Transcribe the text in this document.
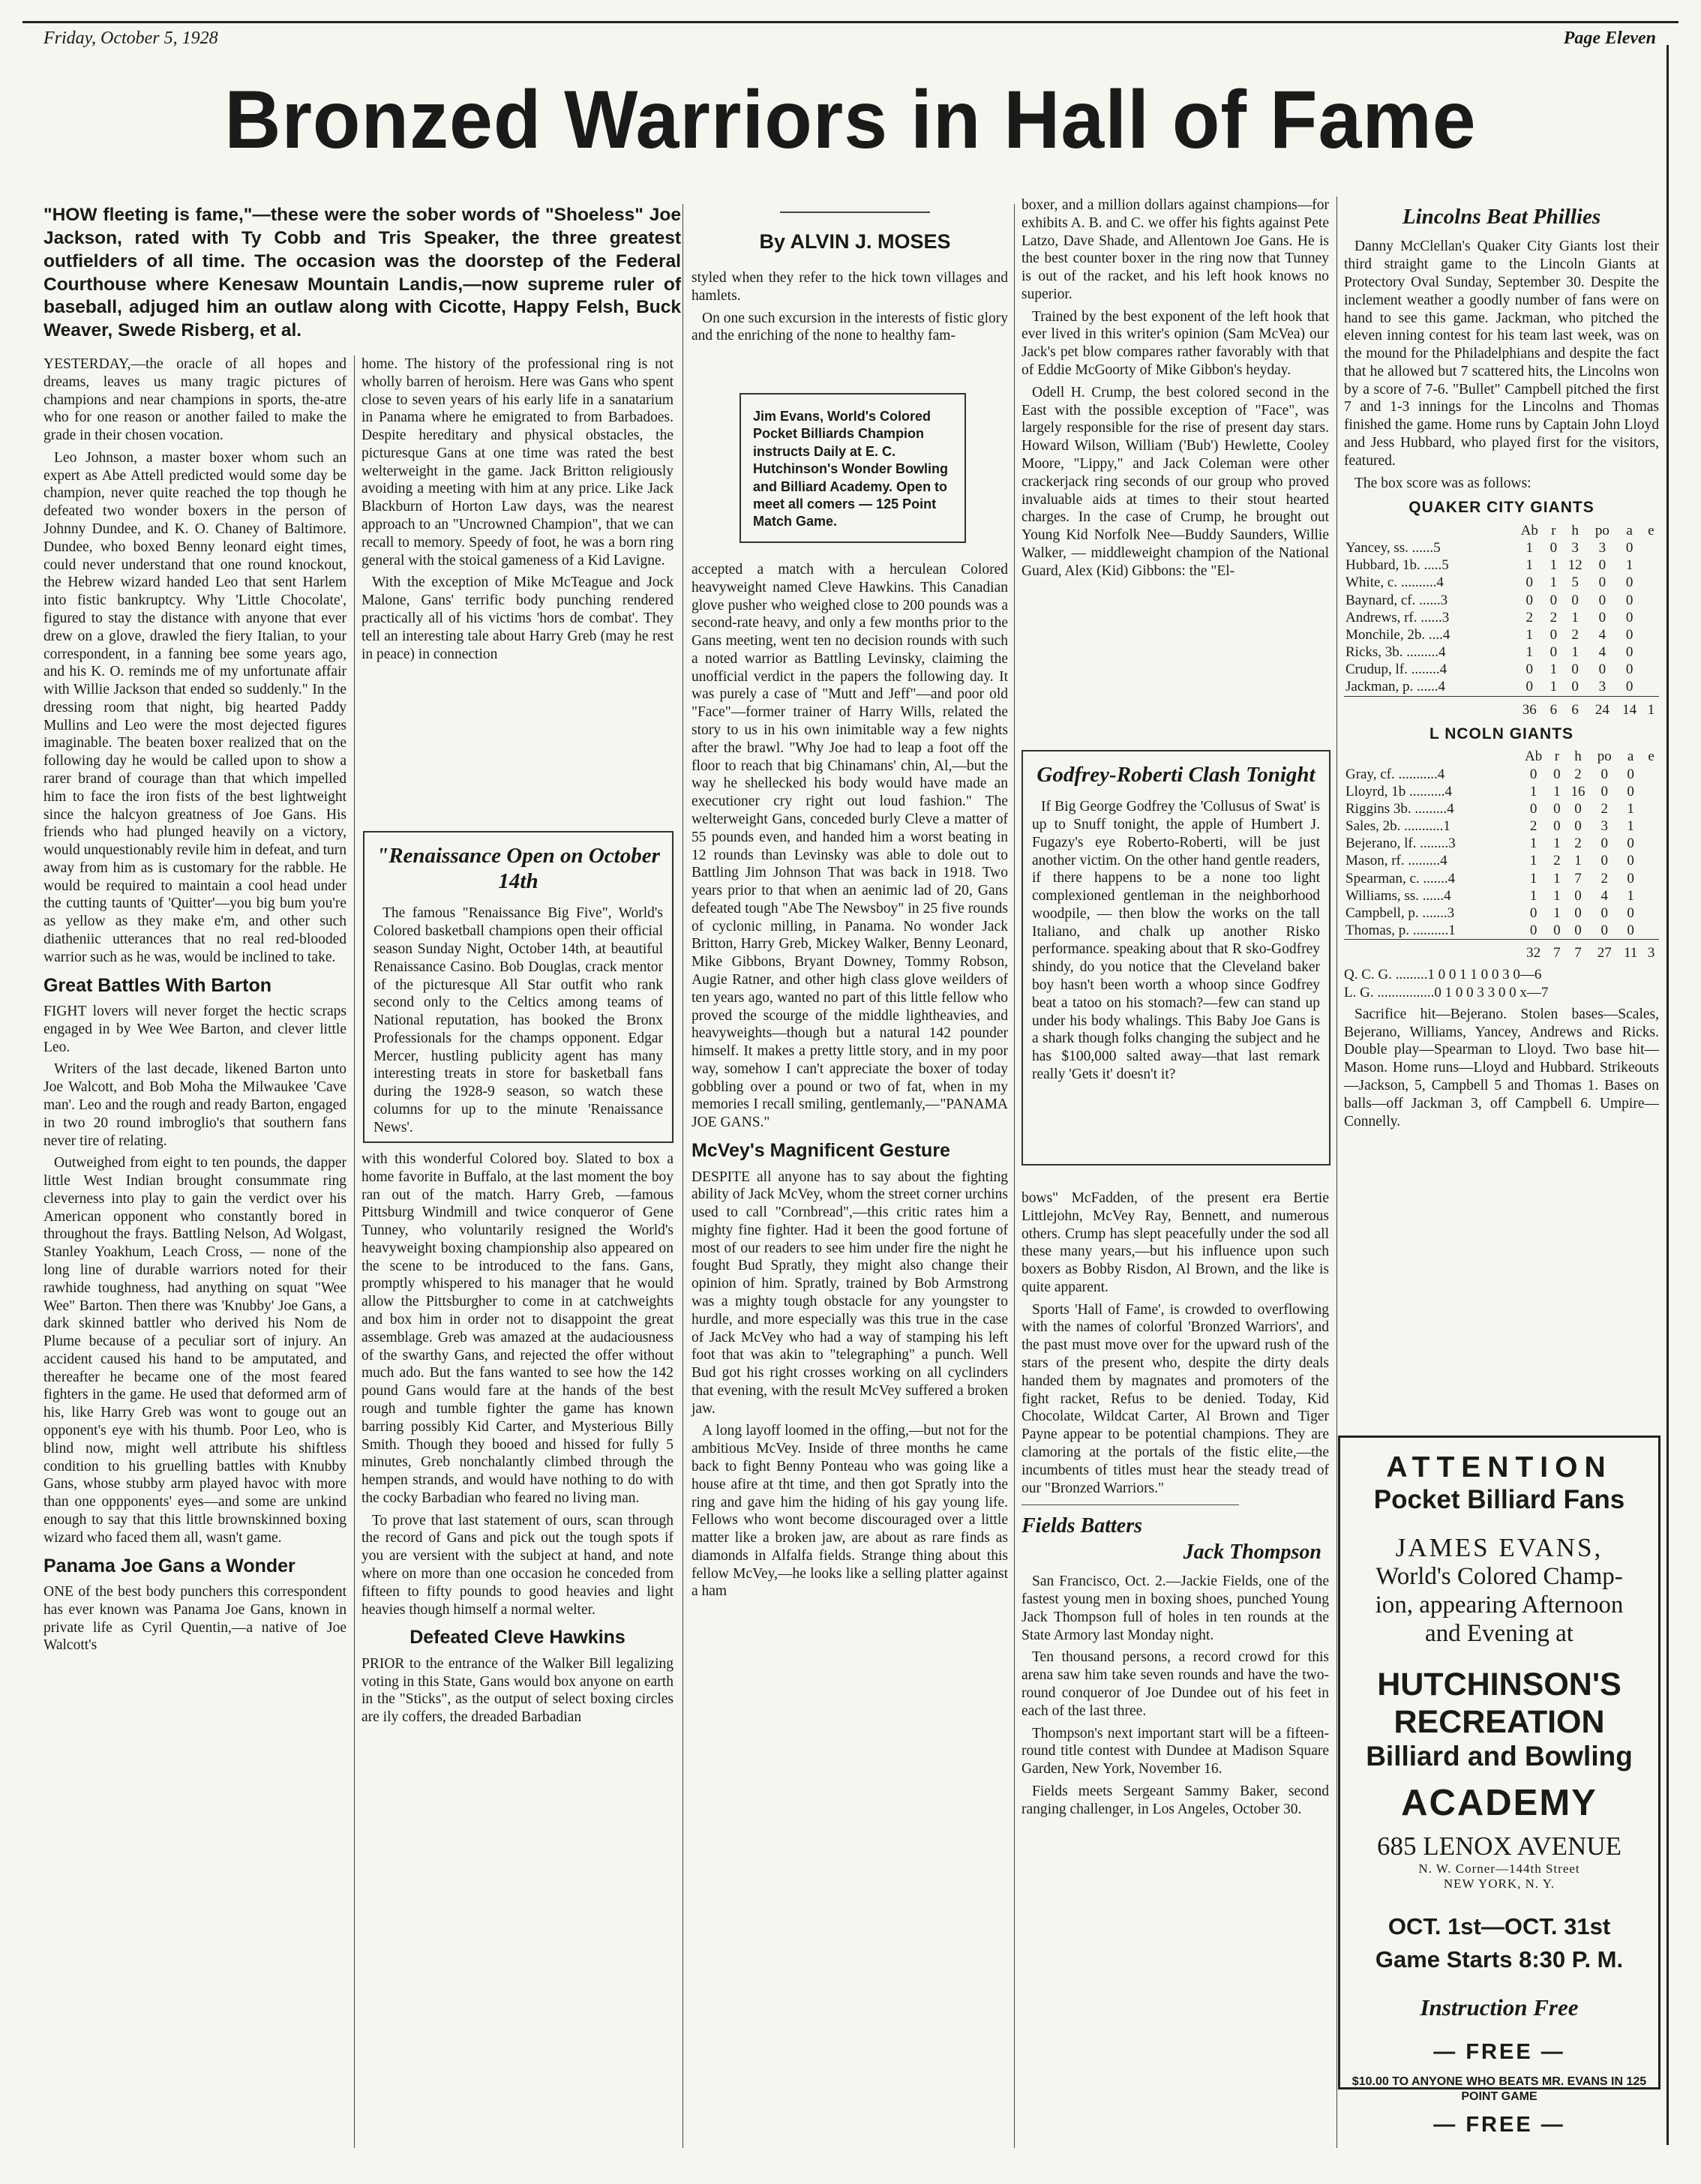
Friday, October 5, 1928	Page Eleven
Bronzed Warriors in Hall of Fame
"HOW fleeting is fame,"—these were the sober words of "Shoeless" Joe Jackson, rated with Ty Cobb and Tris Speaker, the three greatest outfielders of all time. The occasion was the doorstep of the Federal Courthouse where Kenesaw Mountain Landis,—now supreme ruler of baseball, adjuged him an outlaw along with Cicotte, Happy Felsh, Buck Weaver, Swede Risberg, et al.

YESTERDAY,—the oracle of all hopes and dreams, leaves us many tragic pictures of champions and near champions in sports, the-atre who for one reason or another failed to make the grade in their chosen vocation.

Leo Johnson, a master boxer whom such an expert as Abe Attell predicted would some day be champion, never quite reached the top though he defeated two wonder boxers in the person of Johnny Dundee, and K. O. Chaney of Baltimore. Dundee, who boxed Benny leonard eight times, could never understand that one round knockout, the Hebrew wizard handed Leo that sent Harlem into fistic bankruptcy. Why 'Little Chocolate', figured to stay the distance with anyone that ever drew on a glove, drawled the fiery Italian, to your correspondent, in a fanning bee some years ago, and his K. O. reminds me of my unfortunate affair with Willie Jackson that ended so suddenly." In the dressing room that night, big hearted Paddy Mullins and Leo were the most dejected figures imaginable. The beaten boxer realized that on the following day he would be called upon to show a rarer brand of courage than that which impelled him to face the iron fists of the best lightweight since the halcyon greatness of Joe Gans. His friends who had plunged heavily on a victory, would unquestionably revile him in defeat, and turn away from him as is customary for the rabble. He would be required to maintain a cool head under the cutting taunts of 'Quitter'—you big bum you're as yellow as they make e'm, and other such diatheniic utterances that no real red-blooded warrior such as he was, would be inclined to take.

Great Battles With Barton

FIGHT lovers will never forget the hectic scraps engaged in by Wee Wee Barton, and clever little Leo.

Writers of the last decade, likened Barton unto Joe Walcott, and Bob Moha the Milwaukee 'Cave man'. Leo and the rough and ready Barton, engaged in two 20 round imbroglio's that southern fans never tire of relating.

Outweighed from eight to ten pounds, the dapper little West Indian brought consummate ring cleverness into play to gain the verdict over his American opponent who constantly bored in throughout the frays. Battling Nelson, Ad Wolgast, Stanley Yoakhum, Leach Cross, — none of the long line of durable warriors noted for their rawhide toughness, had anything on squat "Wee Wee" Barton. Then there was 'Knubby' Joe Gans, a dark skinned battler who derived his Nom de Plume because of a peculiar sort of injury. An accident caused his hand to be amputated, and thereafter he became one of the most feared fighters in the game. He used that deformed arm of his, like Harry Greb was wont to gouge out an opponent's eye with his thumb. Poor Leo, who is blind now, might well attribute his shiftless condition to his gruelling battles with Knubby Gans, whose stubby arm played havoc with more than one oppponents' eyes—and some are unkind enough to say that this little brownskinned boxing wizard who faced them all, wasn't game.

Panama Joe Gans a Wonder

ONE of the best body punchers this correspondent has ever known was Panama Joe Gans, known in private life as Cyril Quentin,—a native of Joe Walcott's

home. The history of the professional ring is not wholly barren of heroism. Here was Gans who spent close to seven years of his early life in a sanatarium in Panama where he emigrated to from Barbadoes. Despite hereditary and physical obstacles, the picturesque Gans at one time was rated the best welterweight in the game. Jack Britton religiously avoiding a meeting with him at any price. Like Jack Blackburn of Horton Law days, was the nearest approach to an "Uncrowned Champion", that we can recall to memory. Speedy of foot, he was a born ring general with the stoical gameness of a Kid Lavigne.

With the exception of Mike McTeague and Jock Malone, Gans' terrific body punching rendered practically all of his victims 'hors de combat'. They tell an interesting tale about Harry Greb (may he rest in peace) in connection

"Renaissance Open on October 14th

The famous "Renaissance Big Five", World's Colored basketball champions open their official season Sunday Night, October 14th, at beautiful Renaissance Casino. Bob Douglas, crack mentor of the picturesque All Star outfit who rank second only to the Celtics among teams of National reputation, has booked the Bronx Professionals for the champs opponent. Edgar Mercer, hustling publicity agent has many interesting treats in store for basketball fans during the 1928-9 season, so watch these columns for up to the minute 'Renaissance News'.

with this wonderful Colored boy. Slated to box a home favorite in Buffalo, at the last moment the boy ran out of the match. Harry Greb, —famous Pittsburg Windmill and twice conqueror of Gene Tunney, who voluntarily resigned the World's heavyweight boxing championship also appeared on the scene to be introduced to the fans. Gans, promptly whispered to his manager that he would allow the Pittsburgher to come in at catchweights and box him in order not to disappoint the great assemblage. Greb was amazed at the audaciousness of the swarthy Gans, and rejected the offer without much ado. But the fans wanted to see how the 142 pound Gans would fare at the hands of the best rough and tumble fighter the game has known barring possibly Kid Carter, and Mysterious Billy Smith. Though they booed and hissed for fully 5 minutes, Greb nonchalantly climbed through the hempen strands, and would have nothing to do with the cocky Barbadian who feared no living man.

To prove that last statement of ours, scan through the record of Gans and pick out the tough spots if you are versient with the subject at hand, and note where on more than one occasion he conceded from fifteen to fifty pounds to good heavies and light heavies though himself a normal welter.

Defeated Cleve Hawkins

PRIOR to the entrance of the Walker Bill legalizing voting in this State, Gans would box anyone on earth in the "Sticks", as the output of select boxing circles are ily coffers, the dreaded Barbadian

By ALVIN J. MOSES

styled when they refer to the hick town villages and hamlets.

On one such excursion in the interests of fistic glory and the enriching of the none to healthy fam-

Jim Evans, World's Colored Pocket Billiards Champion instructs Daily at E. C. Hutchinson's Wonder Bowling and Billiard Academy. Open to meet all comers — 125 Point Match Game.

accepted a match with a herculean Colored heavyweight named Cleve Hawkins. This Canadian glove pusher who weighed close to 200 pounds was a second-rate heavy, and only a few months prior to the Gans meeting, went ten no decision rounds with such a noted warrior as Battling Levinsky, claiming the unofficial verdict in the papers the following day. It was purely a case of "Mutt and Jeff"—and poor old "Face"—former trainer of Harry Wills, related the story to us in his own inimitable way a few nights after the brawl. "Why Joe had to leap a foot off the floor to reach that big Chinamans' chin, Al,—but the way he shellecked his body would have made an executioner cry right out loud fashion." The welterweight Gans, conceded burly Cleve a matter of 55 pounds even, and handed him a worst beating in 12 rounds than Levinsky was able to dole out to Battling Jim Johnson That was back in 1918. Two years prior to that when an aenimic lad of 20, Gans defeated tough "Abe The Newsboy" in 25 five rounds of cyclonic milling, in Panama. No wonder Jack Britton, Harry Greb, Mickey Walker, Benny Leonard, Mike Gibbons, Bryant Downey, Tommy Robson, Augie Ratner, and other high class glove weilders of ten years ago, wanted no part of this little fellow who proved the scourge of the middle lightheavies, and heavyweights—though but a natural 142 pounder himself. It makes a pretty little story, and in my poor way, somehow I can't appreciate the boxer of today gobbling over a pound or two of fat, when in my memories I recall smiling, gentlemanly,—"PANAMA JOE GANS."

McVey's Magnificent Gesture

DESPITE all anyone has to say about the fighting ability of Jack McVey, whom the street corner urchins used to call "Cornbread",—this critic rates him a mighty fine fighter. Had it been the good fortune of most of our readers to see him under fire the night he fought Bud Spratly, they might also change their opinion of him. Spratly, trained by Bob Armstrong was a mighty tough obstacle for any youngster to hurdle, and more especially was this true in the case of Jack McVey who had a way of stamping his left foot that was akin to "telegraphing" a punch. Well Bud got his right crosses working on all cyclinders that evening, with the result McVey suffered a broken jaw.

A long layoff loomed in the offing,—but not for the ambitious McVey. Inside of three months he came back to fight Benny Ponteau who was going like a house afire at tht time, and then got Spratly into the ring and gave him the hiding of his gay young life. Fellows who wont become discouraged over a little matter like a broken jaw, are about as rare finds as diamonds in Alfalfa fields. Strange thing about this fellow McVey,—he looks like a selling platter against a ham

boxer, and a million dollars against champions—for exhibits A. B. and C. we offer his fights against Pete Latzo, Dave Shade, and Allentown Joe Gans. He is the best counter boxer in the ring now that Tunney is out of the racket, and his left hook knows no superior.

Trained by the best exponent of the left hook that ever lived in this writer's opinion (Sam McVea) our Jack's pet blow compares rather favorably with that of Eddie McGoorty of Mike Gibbon's heyday.

Odell H. Crump, the best colored second in the East with the possible exception of "Face", was largely responsible for the rise of present day stars. Howard Wilson, William ('Bub') Hewlette, Cooley Moore, "Lippy," and Jack Coleman were other crackerjack ring seconds of our group who proved invaluable aids at times to their stout hearted charges. In the case of Crump, he brought out Young Kid Norfolk Nee—Buddy Saunders, Willie Walker, — middleweight champion of the National Guard, Alex (Kid) Gibbons: the "El-

Godfrey-Roberti Clash Tonight

If Big George Godfrey the 'Collusus of Swat' is up to Snuff tonight, the apple of Humbert J. Fugazy's eye Roberto-Roberti, will be just another victim. On the other hand gentle readers, if there happens to be a none too light complexioned gentleman in the neighborhood woodpile, — then blow the works on the tall Italiano, and chalk up another Risko performance. speaking about that R sko-Godfrey shindy, do you notice that the Cleveland baker boy hasn't been worth a whoop since Godfrey beat a tatoo on his stomach?—few can stand up under his body whalings. This Baby Joe Gans is a shark though folks changing the subject and he has $100,000 salted away—that last remark really 'Gets it' doesn't it?

bows" McFadden, of the present era Bertie Littlejohn, McVey Ray, Bennett, and numerous others. Crump has slept peacefully under the sod all these many years,—but his influence upon such boxers as Bobby Risdon, Al Brown, and the like is quite apparent.

Sports 'Hall of Fame', is crowded to overflowing with the names of colorful 'Bronzed Warriors', and the past must move over for the upward rush of the stars of the present who, despite the dirty deals handed them by magnates and promoters of the fight racket, Refus to be denied. Today, Kid Chocolate, Wildcat Carter, Al Brown and Tiger Payne appear to be potential champions. They are clamoring at the portals of the fistic elite,—the incumbents of titles must hear the steady tread of our "Bronzed Warriors."

Fields Batters
Jack Thompson

San Francisco, Oct. 2.—Jackie Fields, one of the fastest young men in boxing shoes, punched Young Jack Thompson full of holes in ten rounds at the State Armory last Monday night.

Ten thousand persons, a record crowd for this arena saw him take seven rounds and have the two-round conqueror of Joe Dundee out of his feet in each of the last three.

Thompson's next important start will be a fifteen-round title contest with Dundee at Madison Square Garden, New York, November 16.

Fields meets Sergeant Sammy Baker, second ranging challenger, in Los Angeles, October 30.

Lincolns Beat Phillies

Danny McClellan's Quaker City Giants lost their third straight game to the Lincoln Giants at Protectory Oval Sunday, September 30. Despite the inclement weather a goodly number of fans were on hand to see this game. Jackman, who pitched the eleven inning contest for his team last week, was on the mound for the Philadelphians and despite the fact that he allowed but 7 scattered hits, the Lincolns won by a score of 7-6. "Bullet" Campbell pitched the first 7 and 1-3 innings for the Lincolns and Thomas finished the game. Home runs by Captain John Lloyd and Jess Hubbard, who played first for the visitors, featured.

The box score was as follows:

QUAKER CITY GIANTS
	Ab	r	h	po	a	e
Yancey, ss. ......5	1	0	3	3	0	
Hubbard, 1b. .....5	1	1	12	0	1	
White, c. ..........4	0	1	5	0	0	
Baynard, cf. ......3	0	0	0	0	0	
Andrews, rf. ......3	2	2	1	0	0	
Monchile, 2b. ....4	1	0	2	4	0	
Ricks, 3b. .........4	1	0	1	4	0	
Crudup, lf. ........4	0	1	0	0	0	
Jackman, p. ......4	0	1	0	3	0	
	36	6	6	24	14	1
L NCOLN GIANTS
	Ab	r	h	po	a	e
Gray, cf. ...........4	0	0	2	0	0	
Lloyrd, 1b ..........4	1	1	16	0	0	
Riggins 3b. .........4	0	0	0	2	1	
Sales, 2b. ...........1	2	0	0	3	1	
Bejerano, lf. ........3	1	1	2	0	0	
Mason, rf. .........4	1	2	1	0	0	
Spearman, c. .......4	1	1	7	2	0	
Williams, ss. ......4	1	1	0	4	1	
Campbell, p. .......3	0	1	0	0	0	
Thomas, p. ..........1	0	0	0	0	0	
	32	7	7	27	11	3
Q. C. G. .........1 0 0 1 1 0 0 3 0—6
L. G. ................0 1 0 0 3 3 0 0 x—7

Sacrifice hit—Bejerano. Stolen bases—Scales, Bejerano, Williams, Yancey, Andrews and Ricks. Double play—Spearman to Lloyd. Two base hit—Mason. Home runs—Lloyd and Hubbard. Strikeouts—Jackson, 5, Campbell 5 and Thomas 1. Bases on balls—off Jackman 3, off Campbell 6. Umpire—Connelly.

ATTENTION
Pocket Billiard Fans
JAMES EVANS,
World's Colored Champ-
ion, appearing Afternoon
and Evening at
HUTCHINSON'S
RECREATION
Billiard and Bowling
ACADEMY
685 LENOX AVENUE
N. W. Corner—144th Street
NEW YORK, N. Y.
OCT. 1st—OCT. 31st
Game Starts 8:30 P. M.
Instruction Free
— FREE —
$10.00 TO ANYONE WHO BEATS MR. EVANS IN 125 POINT GAME
— FREE —
